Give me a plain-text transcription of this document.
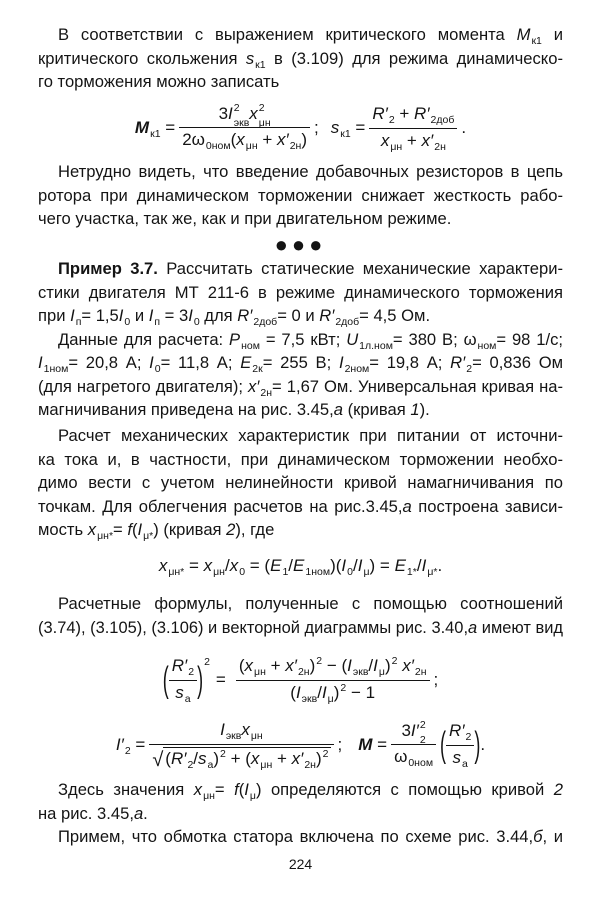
В соответствии с выражением критического момента $M_{к1}$ и
критического скольжения $s_{к1}$ в (3.109) для режима динамическо-
го торможения можно записать
$M_{к1} = 3I$ 2
экв x 2
μн
$2\omega_{0ном}(x_{\mu н} + x'_{2н})$ ; $s_{к1} = \frac{R'_2 + R'_{2доб}}{x_{\mu н} + x'_{2н}}$ .
Нетрудно видеть, что введение добавочных резисторов в цепь
ротора при динамическом торможении снижает жесткость рабо-
чего участка, так же, как и при двигательном режиме.
●●●
Пример 3.7. Рассчитать статические механические характери-
стики двигателя МТ 211-6 в режиме динамического торможения
при $I_п= 1,5I_0$ и $I_п = 3I_0$ для $R'_{2доб}= 0$ и $R'_{2доб}= 4,5$ Ом.
Данные для расчета: $P_{ном} = 7,5$ кВт; $U_{1л.ном}= 380$ В; $\omega_{ном}= 98$ 1/с;
$I_{1ном}= 20,8$ А; $I_0= 11,8$ А; $E_{2к}= 255$ В; $I_{2ном}= 19,8$ А; $R'_2= 0,836$ Ом
(для нагретого двигателя); $x'_{2н}= 1,67$ Ом. Универсальная кривая на-
магничивания приведена на рис. 3.45,а (кривая 1).
Расчет механических характеристик при питании от источни-
ка тока и, в частности, при динамическом торможении необхо-
димо вести с учетом нелинейности кривой намагничивания по
точкам. Для облегчения расчетов на рис.3.45,а построена зависи-
мость $x_{\mu н*}= f(I_{\mu*})$ (кривая 2), где
$x_{\mu н*} = x_{\mu н}/x_0 = (E_1/E_{1ном})(I_0/I_\mu) = E_{1*}/I_{\mu*}$.
Расчетные формулы, полученные с помощью соотношений
(3.74), (3.105), (3.106) и векторной диаграммы рис. 3.40,а имеют вид
( $\frac{R'_2}{s_а}$ ) 2
= $\frac{(x_{\mu н} + x'_{2н})^2 - (I_{экв}/I_\mu)^2 x'_{2н}}{(I_{экв}/I_\mu)^2 - 1}$ ;
$I'_2 = \frac{I_{экв}x_{\mu н}}{√ (R'_2/s_а)^2 + (x_{\mu н} + x'_{2н})^2}$ ; M = 3I′ 2
2
$\omega_{0ном}$ ( $\frac{R'_2}{s_а}$ ) .
Здесь значения $x_{\mu н}= f(I_\mu)$ определяются с помощью кривой 2
на рис. 3.45,а.
Примем, что обмотка статора включена по схеме рис. 3.44,б, и
224
